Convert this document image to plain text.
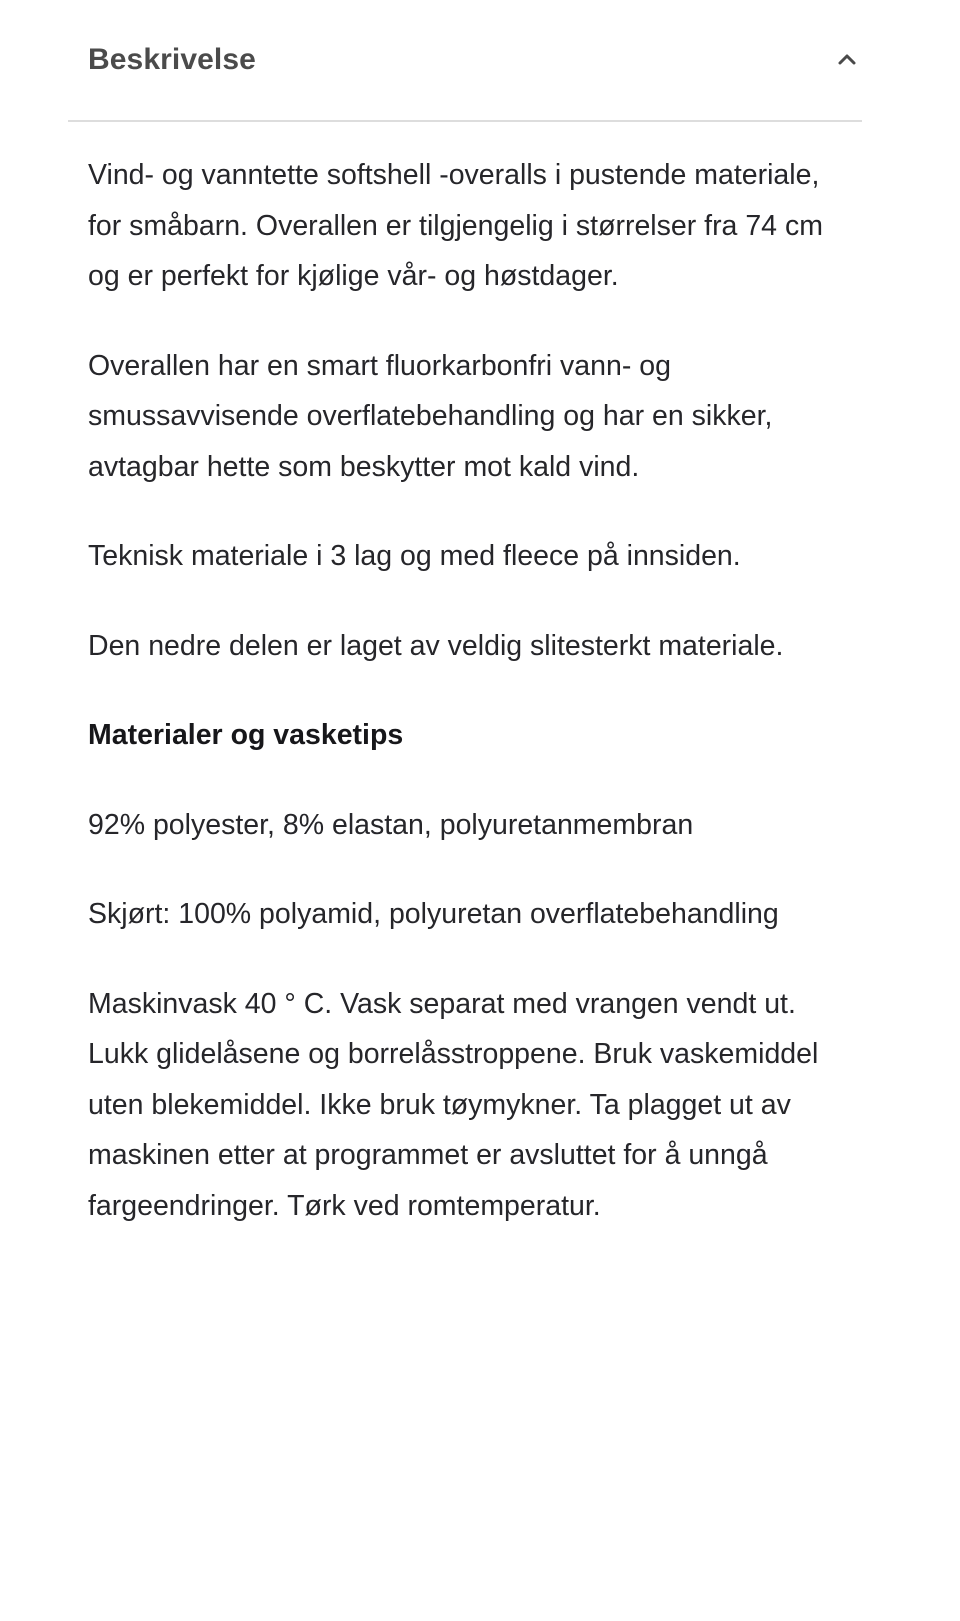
Beskrivelse

Vind- og vanntette softshell -overalls i pustende materiale, for småbarn. Overallen er tilgjengelig i størrelser fra 74 cm og er perfekt for kjølige vår- og høstdager.

Overallen har en smart fluorkarbonfri vann- og smussavvisende overflatebehandling og har en sikker, avtagbar hette som beskytter mot kald vind.

Teknisk materiale i 3 lag og med fleece på innsiden.

Den nedre delen er laget av veldig slitesterkt materiale.

Materialer og vasketips

92% polyester, 8% elastan, polyuretanmembran

Skjørt: 100% polyamid, polyuretan overflatebehandling

Maskinvask 40 ° C. Vask separat med vrangen vendt ut. Lukk glidelåsene og borrelåsstroppene. Bruk vaskemiddel uten blekemiddel. Ikke bruk tøymykner. Ta plagget ut av maskinen etter at programmet er avsluttet for å unngå fargeendringer. Tørk ved romtemperatur.
